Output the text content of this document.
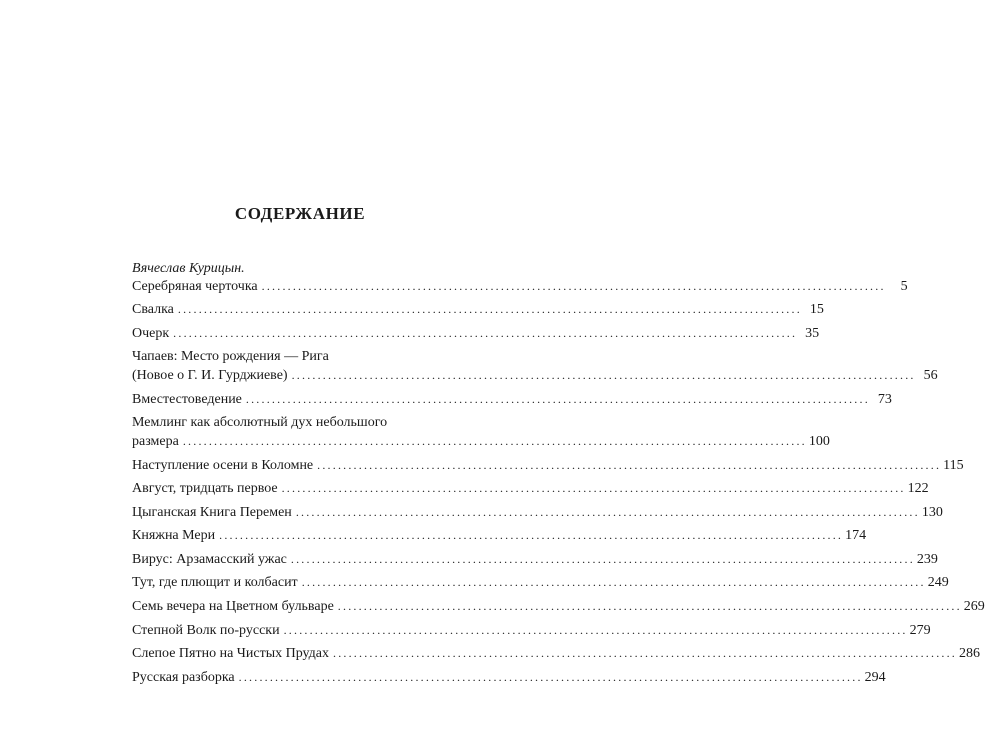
СОДЕРЖАНИЕ
Вячеслав Курицын.
Серебряная черточка ........................................................................................................................	5
Свалка ........................................................................................................................ 15
Очерк ........................................................................................................................ 35
Чапаев: Место рождения — Рига
(Новое о Г. И. Гурджиеве) ........................................................................................................................ 56
Вместестоведение ........................................................................................................................ 73
Мемлинг как абсолютный дух небольшого
размера ........................................................................................................................ 100
Наступление осени в Коломне ........................................................................................................................ 115
Август, тридцать первое ........................................................................................................................ 122
Цыганская Книга Перемен ........................................................................................................................ 130
Княжна Мери ........................................................................................................................ 174
Вирус: Арзамасский ужас ........................................................................................................................ 239
Тут, где плющит и колбасит ........................................................................................................................ 249
Семь вечера на Цветном бульваре ........................................................................................................................ 269
Степной Волк по-русски ........................................................................................................................ 279
Слепое Пятно на Чистых Прудах ........................................................................................................................ 286
Русская разборка ........................................................................................................................ 294
